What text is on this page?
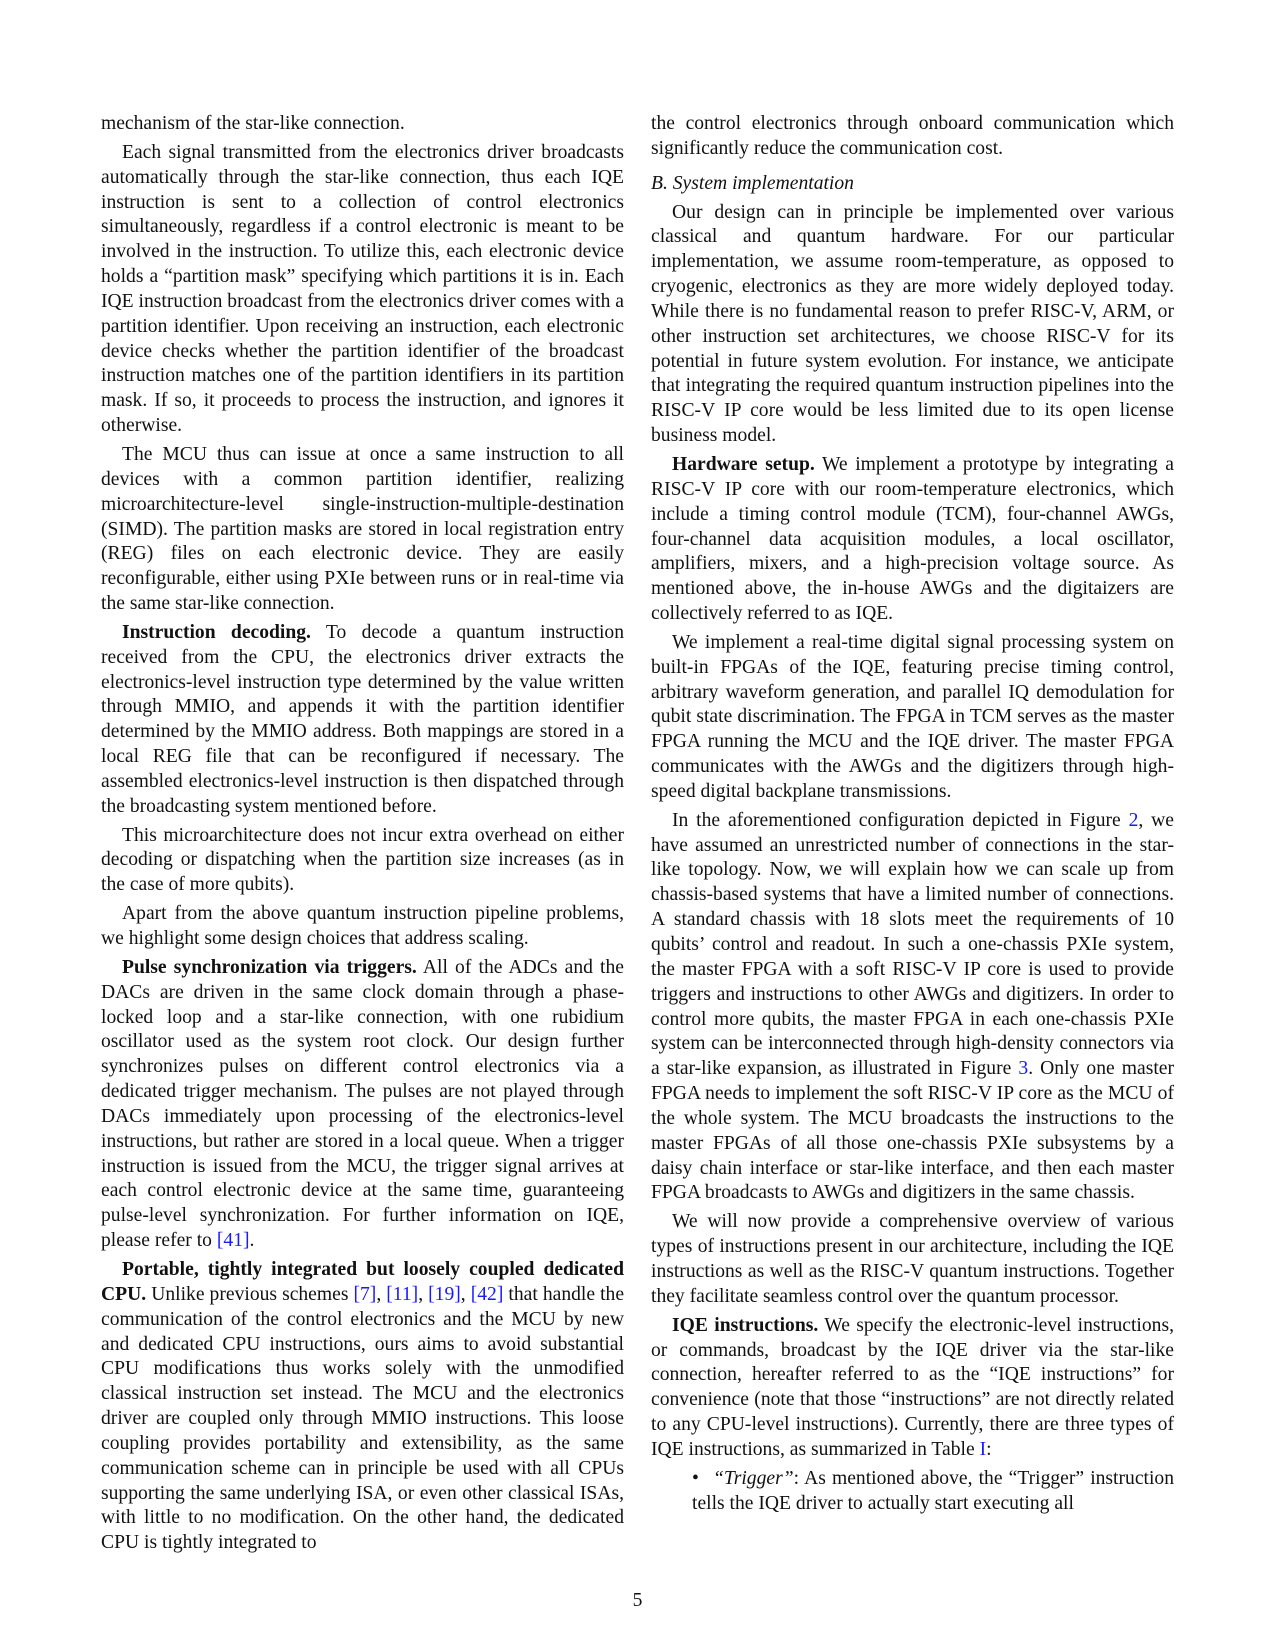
mechanism of the star-like connection.

Each signal transmitted from the electronics driver broadcasts automatically through the star-like connection, thus each IQE instruction is sent to a collection of control electronics simultaneously, regardless if a control electronic is meant to be involved in the instruction. To utilize this, each electronic device holds a “partition mask” specifying which partitions it is in. Each IQE instruction broadcast from the electronics driver comes with a partition identifier. Upon receiving an instruction, each electronic device checks whether the partition identifier of the broadcast instruction matches one of the partition identifiers in its partition mask. If so, it proceeds to process the instruction, and ignores it otherwise.

The MCU thus can issue at once a same instruction to all devices with a common partition identifier, realizing microarchitecture-level single-instruction-multiple-destination (SIMD). The partition masks are stored in local registration entry (REG) files on each electronic device. They are easily reconfigurable, either using PXIe between runs or in real-time via the same star-like connection.

Instruction decoding. To decode a quantum instruction received from the CPU, the electronics driver extracts the electronics-level instruction type determined by the value written through MMIO, and appends it with the partition identifier determined by the MMIO address. Both mappings are stored in a local REG file that can be reconfigured if necessary. The assembled electronics-level instruction is then dispatched through the broadcasting system mentioned before.

This microarchitecture does not incur extra overhead on either decoding or dispatching when the partition size increases (as in the case of more qubits).

Apart from the above quantum instruction pipeline problems, we highlight some design choices that address scaling.

Pulse synchronization via triggers. All of the ADCs and the DACs are driven in the same clock domain through a phase-locked loop and a star-like connection, with one rubidium oscillator used as the system root clock. Our design further synchronizes pulses on different control electronics via a dedicated trigger mechanism. The pulses are not played through DACs immediately upon processing of the electronics-level instructions, but rather are stored in a local queue. When a trigger instruction is issued from the MCU, the trigger signal arrives at each control electronic device at the same time, guaranteeing pulse-level synchronization. For further information on IQE, please refer to [41].

Portable, tightly integrated but loosely coupled dedicated CPU. Unlike previous schemes [7], [11], [19], [42] that handle the communication of the control electronics and the MCU by new and dedicated CPU instructions, ours aims to avoid substantial CPU modifications thus works solely with the unmodified classical instruction set instead. The MCU and the electronics driver are coupled only through MMIO instructions. This loose coupling provides portability and extensibility, as the same communication scheme can in principle be used with all CPUs supporting the same underlying ISA, or even other classical ISAs, with little to no modification. On the other hand, the dedicated CPU is tightly integrated to

the control electronics through onboard communication which significantly reduce the communication cost.

B. System implementation

Our design can in principle be implemented over various classical and quantum hardware. For our particular implementation, we assume room-temperature, as opposed to cryogenic, electronics as they are more widely deployed today. While there is no fundamental reason to prefer RISC-V, ARM, or other instruction set architectures, we choose RISC-V for its potential in future system evolution. For instance, we anticipate that integrating the required quantum instruction pipelines into the RISC-V IP core would be less limited due to its open license business model.

Hardware setup. We implement a prototype by integrating a RISC-V IP core with our room-temperature electronics, which include a timing control module (TCM), four-channel AWGs, four-channel data acquisition modules, a local oscillator, amplifiers, mixers, and a high-precision voltage source. As mentioned above, the in-house AWGs and the digitaizers are collectively referred to as IQE.

We implement a real-time digital signal processing system on built-in FPGAs of the IQE, featuring precise timing control, arbitrary waveform generation, and parallel IQ demodulation for qubit state discrimination. The FPGA in TCM serves as the master FPGA running the MCU and the IQE driver. The master FPGA communicates with the AWGs and the digitizers through high-speed digital backplane transmissions.

In the aforementioned configuration depicted in Figure 2, we have assumed an unrestricted number of connections in the star-like topology. Now, we will explain how we can scale up from chassis-based systems that have a limited number of connections. A standard chassis with 18 slots meet the requirements of 10 qubits’ control and readout. In such a one-chassis PXIe system, the master FPGA with a soft RISC-V IP core is used to provide triggers and instructions to other AWGs and digitizers. In order to control more qubits, the master FPGA in each one-chassis PXIe system can be interconnected through high-density connectors via a star-like expansion, as illustrated in Figure 3. Only one master FPGA needs to implement the soft RISC-V IP core as the MCU of the whole system. The MCU broadcasts the instructions to the master FPGAs of all those one-chassis PXIe subsystems by a daisy chain interface or star-like interface, and then each master FPGA broadcasts to AWGs and digitizers in the same chassis.

We will now provide a comprehensive overview of various types of instructions present in our architecture, including the IQE instructions as well as the RISC-V quantum instructions. Together they facilitate seamless control over the quantum processor.

IQE instructions. We specify the electronic-level instructions, or commands, broadcast by the IQE driver via the star-like connection, hereafter referred to as the “IQE instructions” for convenience (note that those “instructions” are not directly related to any CPU-level instructions). Currently, there are three types of IQE instructions, as summarized in Table I:

• “Trigger”: As mentioned above, the “Trigger” instruction tells the IQE driver to actually start executing all

5
